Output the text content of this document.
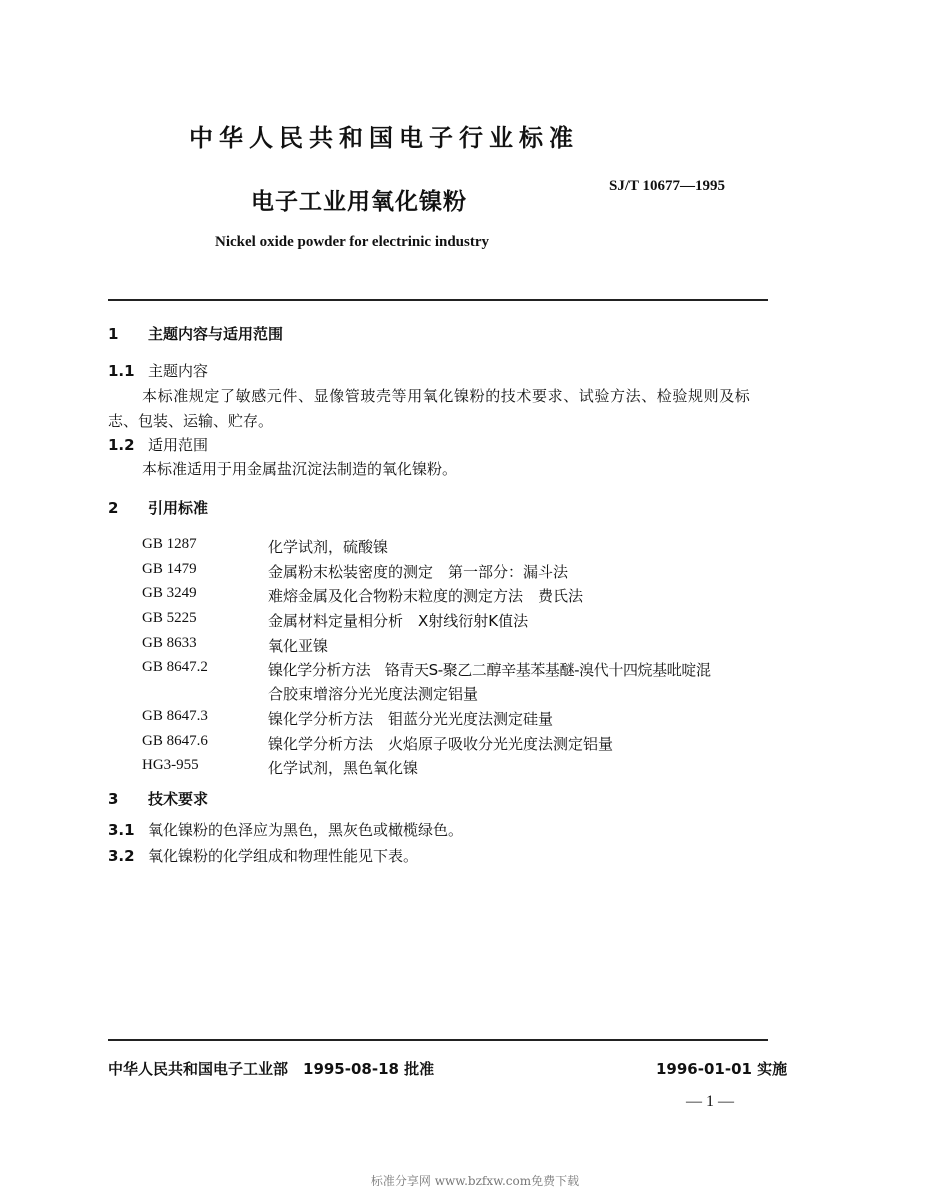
中华人民共和国电子行业标准
电子工业用氧化镍粉
SJ/T 10677—1995
Nickel oxide powder for electrinic industry
1 主题内容与适用范围
1.1 主题内容
本标准规定了敏感元件、显像管玻壳等用氧化镍粉的技术要求、试验方法、检验规则及标
志、包装、运输、贮存。
1.2 适用范围
本标准适用于用金属盐沉淀法制造的氧化镍粉。
2 引用标准
GB 1287	化学试剂，硫酸镍
GB 1479	金属粉末松装密度的测定　第一部分：漏斗法
GB 3249	难熔金属及化合物粉末粒度的测定方法　费氏法
GB 5225	金属材料定量相分析　X射线衍射K值法
GB 8633	氧化亚镍
GB 8647.2	镍化学分析方法　铬青天S-聚乙二醇辛基苯基醚-溴代十四烷基吡啶混
合胶束增溶分光光度法测定铝量
GB 8647.3	镍化学分析方法　钼蓝分光光度法测定硅量
GB 8647.6	镍化学分析方法　火焰原子吸收分光光度法测定铝量
HG3-955	化学试剂，黑色氧化镍
3 技术要求
3.1 氧化镍粉的色泽应为黑色，黑灰色或橄榄绿色。
3.2 氧化镍粉的化学组成和物理性能见下表。
中华人民共和国电子工业部　1995-08-18 批准	1996-01-01 实施
— 1 —
标准分享网 www.bzfxw.com免费下载
